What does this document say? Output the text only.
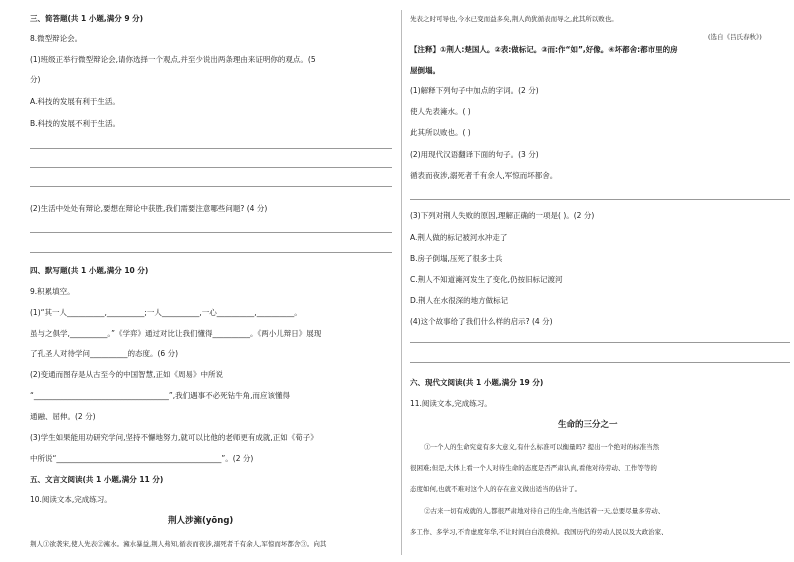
三、简答题(共 1 小题,满分 9 分)
8.微型辩论会。
(1)班级正举行微型辩论会,请你选择一个观点,并至少说出两条理由来证明你的观点。(5
分)
A.科技的发展有利于生活。
B.科技的发展不利于生活。
(2)生活中处处有辩论,要想在辩论中获胜,我们需要注意哪些问题? (4 分)
四、默写题(共 1 小题,满分 10 分)
9.积累填空。
(1)“其一人__________,__________;一人__________,一心__________,__________。
虽与之俱学,__________。”《学弈》通过对比让我们懂得__________。《两小儿辩日》展现
了孔圣人对待学问__________的态度。(6 分)
(2)变通而图存是从古至今的中国智慧,正如《周易》中所说
“____________________________________”,我们遇事不必死钻牛角,而应该懂得
通融、屈伸。(2 分)
(3)学生如果能用功研究学问,坚持不懈地努力,就可以比他的老师更有成就,正如《荀子》
中所说“____________________________________________”。(2 分)
五、文言文阅读(共 1 小题,满分 11 分)
10.阅读文本,完成练习。
荆人涉澭(yōng)
荆人①欲袭宋,使人先表②澭水。澭水暴益,荆人弗知,循表而夜涉,溺死者千有余人,军惊而坏都舍③。向其
先表之时可导也,今水已变而益多矣,荆人尚犹循表而导之,此其所以败也。
(选自《吕氏春秋》)
【注释】①荆人:楚国人。②表:做标记。③而:作“如”,好像。④坏都舍:都市里的房
屋倒塌。
(1)解释下列句子中加点的字词。(2 分)
使人先表澭水。( )
此其所以败也。( )
(2)用现代汉语翻译下面的句子。(3 分)
循表而夜涉,溺死者千有余人,军惊而坏都舍。
(3)下列对荆人失败的原因,理解正确的一项是( )。(2 分)
A.荆人做的标记被河水冲走了
B.房子倒塌,压死了很多士兵
C.荆人不知道澭河发生了变化,仍按旧标记渡河
D.荆人在水很深的地方做标记
(4)这个故事给了我们什么样的启示? (4 分)
六、现代文阅读(共 1 小题,满分 19 分)
11.阅读文本,完成练习。
生命的三分之一
①一个人的生命究竟有多大意义,有什么标准可以衡量吗? 提出一个绝对的标准当然
很困难;但是,大体上看一个人对待生命的态度是否严肃认真,看他对待劳动、工作等等的
态度如何,也就不难对这个人的存在意义做出适当的估计了。
②古来一切有成就的人,都很严肃地对待自己的生命,当他活着一天,总要尽量多劳动、
多工作、多学习,不肯虚度年华,不让时间白白浪费掉。我国历代的劳动人民以及大政治家、
